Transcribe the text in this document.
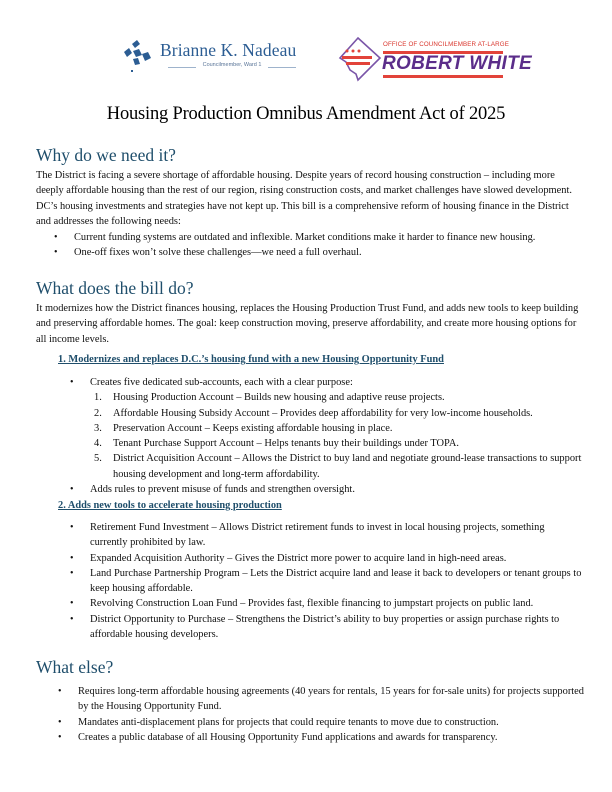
Brianne K. Nadeau
Councilmember, Ward 1
OFFICE OF COUNCILMEMBER AT-LARGE
ROBERT WHITE
Housing Production Omnibus Amendment Act of 2025
Why do we need it?

The District is facing a severe shortage of affordable housing. Despite years of record housing construction – including more deeply affordable housing than the rest of our region, rising construction costs, and market challenges have slowed development. DC’s housing investments and strategies have not kept up. This bill is a comprehensive reform of housing finance in the District and addresses the following needs:

• Current funding systems are outdated and inflexible. Market conditions make it harder to finance new housing.
• One-off fixes won’t solve these challenges—we need a full overhaul.
What does the bill do?

It modernizes how the District finances housing, replaces the Housing Production Trust Fund, and adds new tools to keep building and preserving affordable homes. The goal: keep construction moving, preserve affordability, and create more housing options for all income levels.

1. Modernizes and replaces D.C.’s housing fund with a new Housing Opportunity Fund

• Creates five dedicated sub-accounts, each with a clear purpose:
1. Housing Production Account – Builds new housing and adaptive reuse projects.
2. Affordable Housing Subsidy Account – Provides deep affordability for very low-income households.
3. Preservation Account – Keeps existing affordable housing in place.
4. Tenant Purchase Support Account – Helps tenants buy their buildings under TOPA.
5. District Acquisition Account – Allows the District to buy land and negotiate ground-lease transactions to support housing development and long-term affordability.
• Adds rules to prevent misuse of funds and strengthen oversight.

2. Adds new tools to accelerate housing production

• Retirement Fund Investment – Allows District retirement funds to invest in local housing projects, something currently prohibited by law.
• Expanded Acquisition Authority – Gives the District more power to acquire land in high-need areas.
• Land Purchase Partnership Program – Lets the District acquire land and lease it back to developers or tenant groups to keep housing affordable.
• Revolving Construction Loan Fund – Provides fast, flexible financing to jumpstart projects on public land.
• District Opportunity to Purchase – Strengthens the District’s ability to buy properties or assign purchase rights to affordable housing developers.
What else?
• Requires long-term affordable housing agreements (40 years for rentals, 15 years for for-sale units) for projects supported by the Housing Opportunity Fund.
• Mandates anti-displacement plans for projects that could require tenants to move due to construction.
• Creates a public database of all Housing Opportunity Fund applications and awards for transparency.
